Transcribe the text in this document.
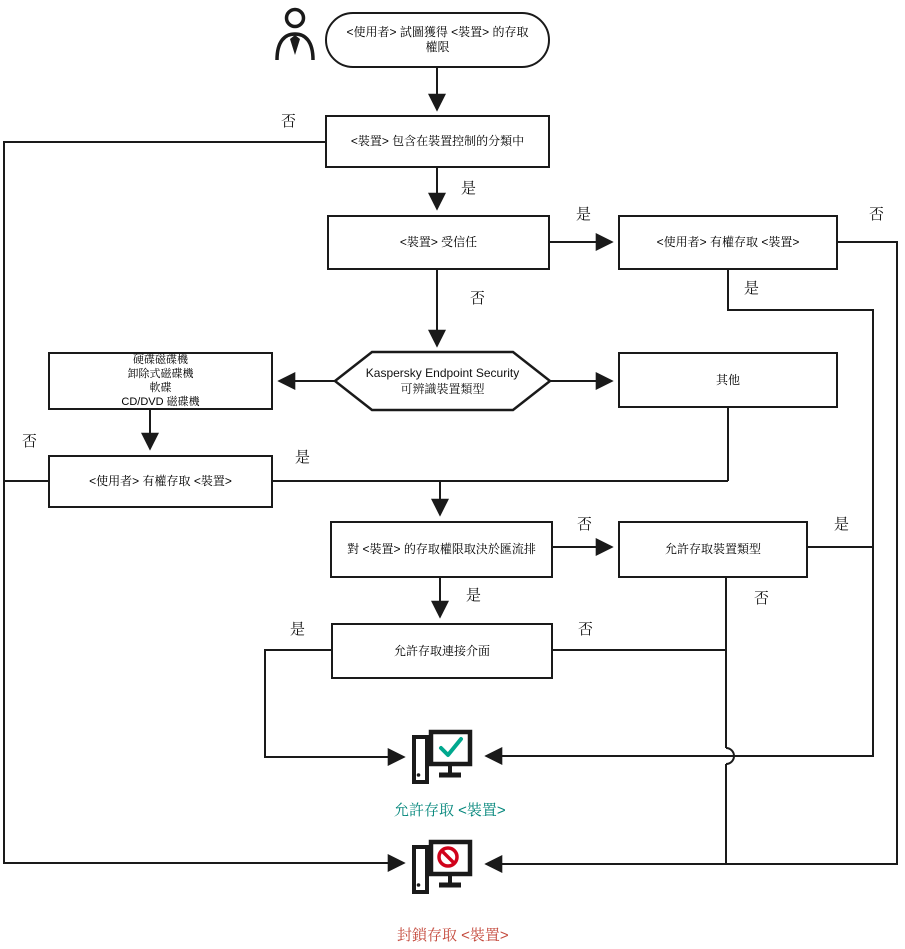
<使用者> 試圖獲得 <裝置> 的存取權限
<裝置> 包含在裝置控制的分類中
<裝置> 受信任	<使用者> 有權存取 <裝置>
Kaspersky Endpoint Security
可辨識裝置類型
硬碟磁碟機
卸除式磁碟機
軟碟
CD/DVD 磁碟機
其他
<使用者> 有權存取 <裝置>
對 <裝置> 的存取權限取決於匯流排	允許存取裝置類型
允許存取連接介面
否
是
是	否
否
是
否
是
否	是
是	否
是	否
允許存取 <裝置>
封鎖存取 <裝置>
